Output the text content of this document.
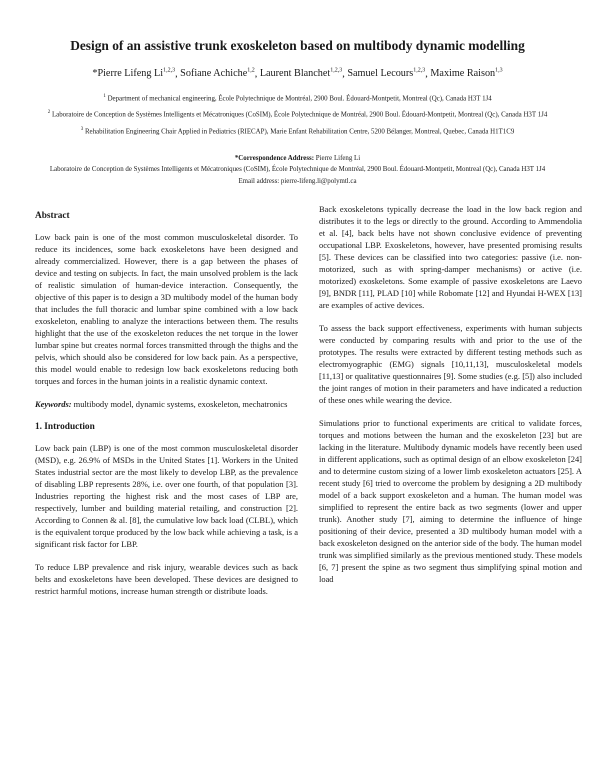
Design of an assistive trunk exoskeleton based on multibody dynamic modelling
*Pierre Lifeng Li$^{1,2,3}$, Sofiane Achiche$^{1,2}$, Laurent Blanchet$^{1,2,3}$, Samuel Lecours$^{1,2,3}$, Maxime Raison$^{1,3}$
$^1$ Department of mechanical engineering, École Polytechnique de Montréal, 2900 Boul. Édouard-Montpetit, Montreal (Qc), Canada H3T 1J4
$^2$ Laboratoire de Conception de Systèmes Intelligents et Mécatroniques (CoSIM), École Polytechnique de Montréal, 2900 Boul. Édouard-Montpetit, Montreal (Qc), Canada H3T 1J4
$^3$ Rehabilitation Engineering Chair Applied in Pediatrics (RIECAP), Marie Enfant Rehabilitation Centre, 5200 Bélanger, Montreal, Quebec, Canada H1T1C9
*Correspondence Address: Pierre Lifeng Li
Laboratoire de Conception de Systèmes Intelligents et Mécatroniques (CoSIM), École Polytechnique de Montréal, 2900 Boul. Édouard-Montpetit, Montreal (Qc), Canada H3T 1J4
Email address: pierre-lifeng.li@polymtl.ca
Abstract

Low back pain is one of the most common musculoskeletal disorder. To reduce its incidences, some back exoskeletons have been designed and already commercialized. However, there is a gap between the phases of device and testing on subjects. In fact, the main unsolved problem is the lack of realistic simulation of human-device interaction. Consequently, the objective of this paper is to design a 3D multibody model of the human body that includes the full thoracic and lumbar spine combined with a low back exoskeleton, enabling to analyze the interactions between them. The results highlight that the use of the exoskeleton reduces the net torque in the lower lumbar spine but creates normal forces transmitted through the thighs and the pelvis, which should also be considered for low back pain. As a perspective, this model would enable to redesign low back exoskeletons reducing both torques and forces in the human joints in a realistic dynamic context.

Keywords: multibody model, dynamic systems, exoskeleton, mechatronics

1. Introduction

Low back pain (LBP) is one of the most common musculoskeletal disorder (MSD), e.g. 26.9% of MSDs in the United States [1]. Workers in the United States industrial sector are the most likely to develop LBP, as the prevalence of disabling LBP represents 28%, i.e. over one fourth, of that population [3]. Industries reporting the highest risk and the most cases of LBP are, respectively, lumber and building material retailing, and construction [2]. According to Connen & al. [8], the cumulative low back load (CLBL), which is the equivalent torque produced by the low back while achieving a task, is a significant risk factor for LBP.

To reduce LBP prevalence and risk injury, wearable devices such as back belts and exoskeletons have been developed. These devices are designed to restrict harmful motions, increase human strength or distribute loads.

Back exoskeletons typically decrease the load in the low back region and distributes it to the legs or directly to the ground. According to Ammendolia et al. [4], back belts have not shown conclusive evidence of preventing occupational LBP. Exoskeletons, however, have presented promising results [5]. These devices can be classified into two categories: passive (i.e. non-motorized, such as with spring-damper mechanisms) or active (i.e. motorized) exoskeletons. Some example of passive exoskeletons are Laevo [9], BNDR [11], PLAD [10] while Robomate [12] and Hyundai H-WEX [13] are examples of active devices.

To assess the back support effectiveness, experiments with human subjects were conducted by comparing results with and prior to the use of the prototypes. The results were extracted by different testing methods such as electromyographic (EMG) signals [10,11,13], musculoskeletal models [11,13] or qualitative questionnaires [9]. Some studies (e.g. [5]) also included the joint ranges of motion in their parameters and have indicated a reduction of these ones while wearing the device.

Simulations prior to functional experiments are critical to validate forces, torques and motions between the human and the exoskeleton [23] but are lacking in the literature. Multibody dynamic models have recently been used in different applications, such as optimal design of an elbow exoskeleton [24] and to determine custom sizing of a lower limb exoskeleton actuators [25]. A recent study [6] tried to overcome the problem by designing a 2D multibody model of a back support exoskeleton and a human. The human model was simplified to represent the entire back as two segments (lower and upper trunk). Another study [7], aiming to determine the influence of hinge positioning of their device, presented a 3D multibody human model with a back exoskeleton designed on the anterior side of the body. The human model trunk was simplified similarly as the previous mentioned study. These models [6, 7] present the spine as two segment thus simplifying spinal motion and load
